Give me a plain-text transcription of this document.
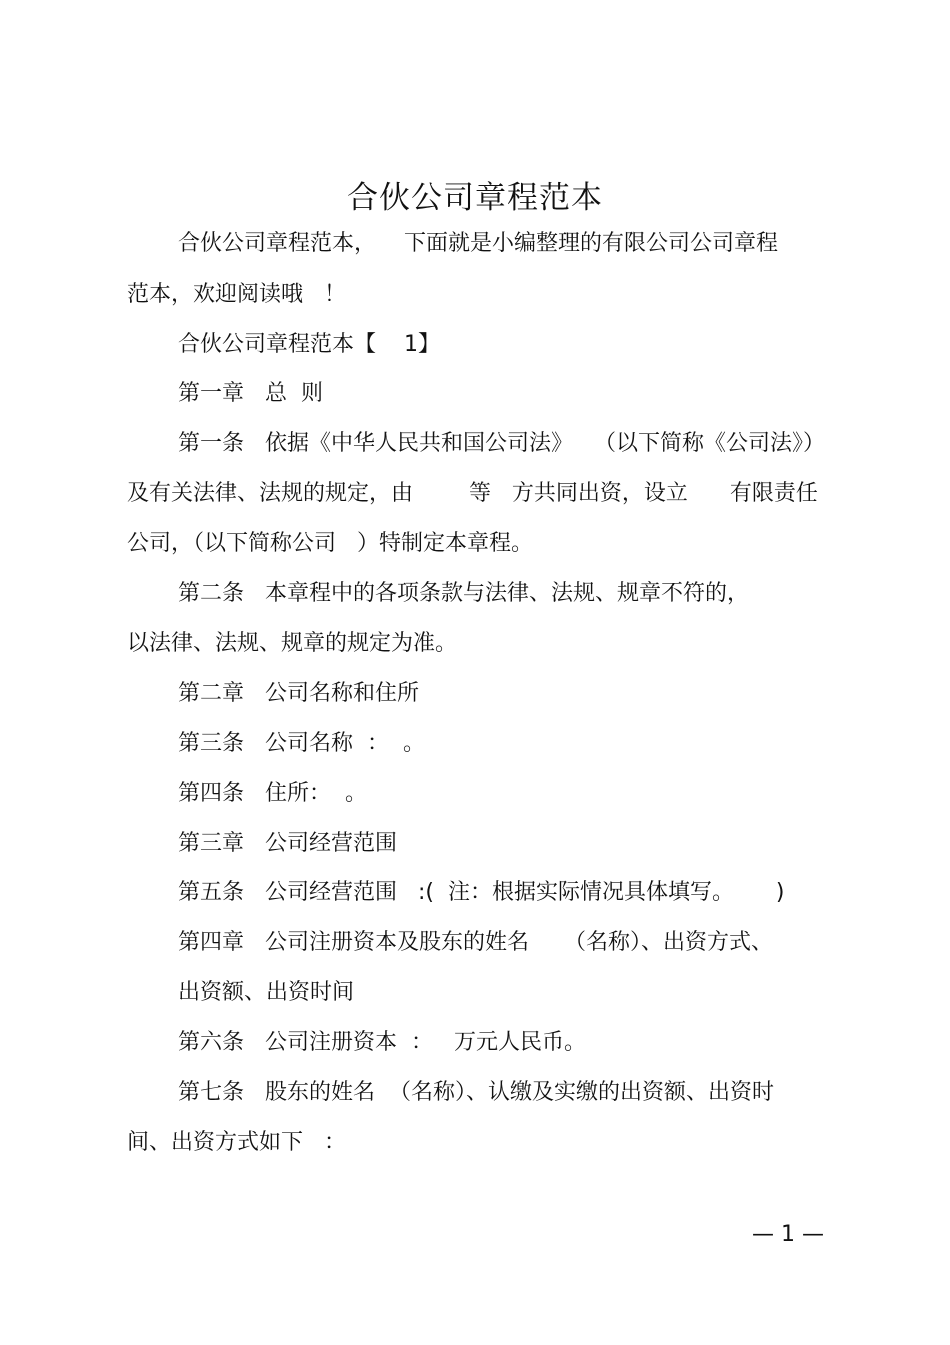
合伙公司章程范本
合伙公司章程范本，    下面就是小编整理的有限公司公司章程
范本，欢迎阅读哦   ！
合伙公司章程范本【    1】
第一章   总  则
第一条   依据《中华人民共和国公司法》   （以下简称《公司法》）
及有关法律、法规的规定，由        等   方共同出资，设立      有限责任
公司，（以下简称公司   ）特制定本章程。
第二条   本章程中的各项条款与法律、法规、规章不符的，
以法律、法规、规章的规定为准。
第二章   公司名称和住所
第三条   公司名称  ：  。
第四条   住所：  。
第三章   公司经营范围
第五条   公司经营范围   :(  注：根据实际情况具体填写。      )
第四章   公司注册资本及股东的姓名     （名称）、出资方式、
出资额、出资时间
第六条   公司注册资本  ：   万元人民币。
第七条   股东的姓名  （名称）、认缴及实缴的出资额、出资时
间、出资方式如下   ：
— 1 —
